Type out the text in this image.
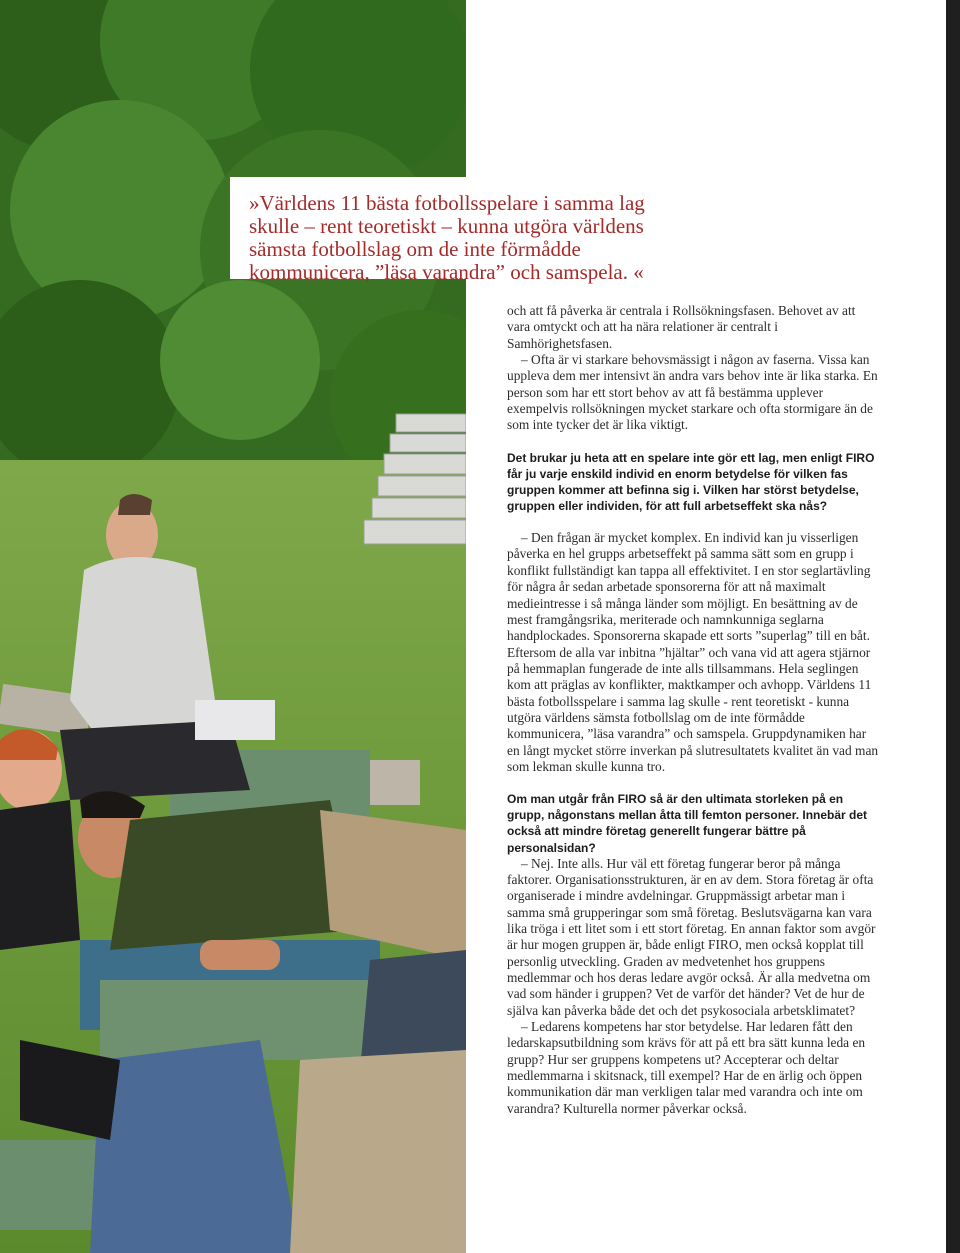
»Världens 11 bästa fotbollsspelare i samma lag skulle – rent teoretiskt – kunna utgöra världens sämsta fotbollslag om de inte förmådde kommunicera, ”läsa varandra” och samspela. «

och att få påverka är centrala i Rollsökningsfasen. Behovet av att vara omtyckt och att ha nära relationer är centralt i Samhörighetsfasen.

– Ofta är vi starkare behovsmässigt i någon av faserna. Vissa kan uppleva dem mer intensivt än andra vars behov inte är lika starka. En person som har ett stort behov av att få bestämma upplever exempelvis rollsökningen mycket starkare och ofta stormigare än de som inte tycker det är lika viktigt.

Det brukar ju heta att en spelare inte gör ett lag, men enligt FIRO får ju varje enskild individ en enorm betydelse för vilken fas gruppen kommer att befinna sig i. Vilken har störst betydelse, gruppen eller individen, för att full arbetseffekt ska nås?

– Den frågan är mycket komplex. En individ kan ju visserligen påverka en hel grupps arbetseffekt på samma sätt som en grupp i konflikt fullständigt kan tappa all effektivitet. I en stor seglartävling för några år sedan arbetade sponsorerna för att nå maximalt medieintresse i så många länder som möjligt. En besättning av de mest framgångsrika, meriterade och namnkunniga seglarna handplockades. Sponsorerna skapade ett sorts ”superlag” till en båt. Eftersom de alla var inbitna ”hjältar” och vana vid att agera stjärnor på hemmaplan fungerade de inte alls tillsammans. Hela seglingen kom att präglas av konflikter, maktkamper och avhopp. Världens 11 bästa fotbollsspelare i samma lag skulle - rent teoretiskt - kunna utgöra världens sämsta fotbollslag om de inte förmådde kommunicera, ”läsa varandra” och samspela. Gruppdynamiken har en långt mycket större inverkan på slutresultatets kvalitet än vad man som lekman skulle kunna tro.

Om man utgår från FIRO så är den ultimata storleken på en grupp, någonstans mellan åtta till femton personer. Innebär det också att mindre företag generellt fungerar bättre på personalsidan?

– Nej. Inte alls. Hur väl ett företag fungerar beror på många faktorer. Organisationsstrukturen, är en av dem. Stora företag är ofta organiserade i mindre avdelningar. Gruppmässigt arbetar man i samma små grupperingar som små företag. Beslutsvägarna kan vara lika tröga i ett litet som i ett stort företag. En annan faktor som avgör är hur mogen gruppen är, både enligt FIRO, men också kopplat till personlig utveckling. Graden av medvetenhet hos gruppens medlemmar och hos deras ledare avgör också. Är alla medvetna om vad som händer i gruppen? Vet de varför det händer? Vet de hur de själva kan påverka både det och det psykosociala arbetsklimatet?

– Ledarens kompetens har stor betydelse. Har ledaren fått den ledarskapsutbildning som krävs för att på ett bra sätt kunna leda en grupp? Hur ser gruppens kompetens ut? Accepterar och deltar medlemmarna i skitsnack, till exempel? Har de en ärlig och öppen kommunikation där man verkligen talar med varandra och inte om varandra? Kulturella normer påverkar också.
